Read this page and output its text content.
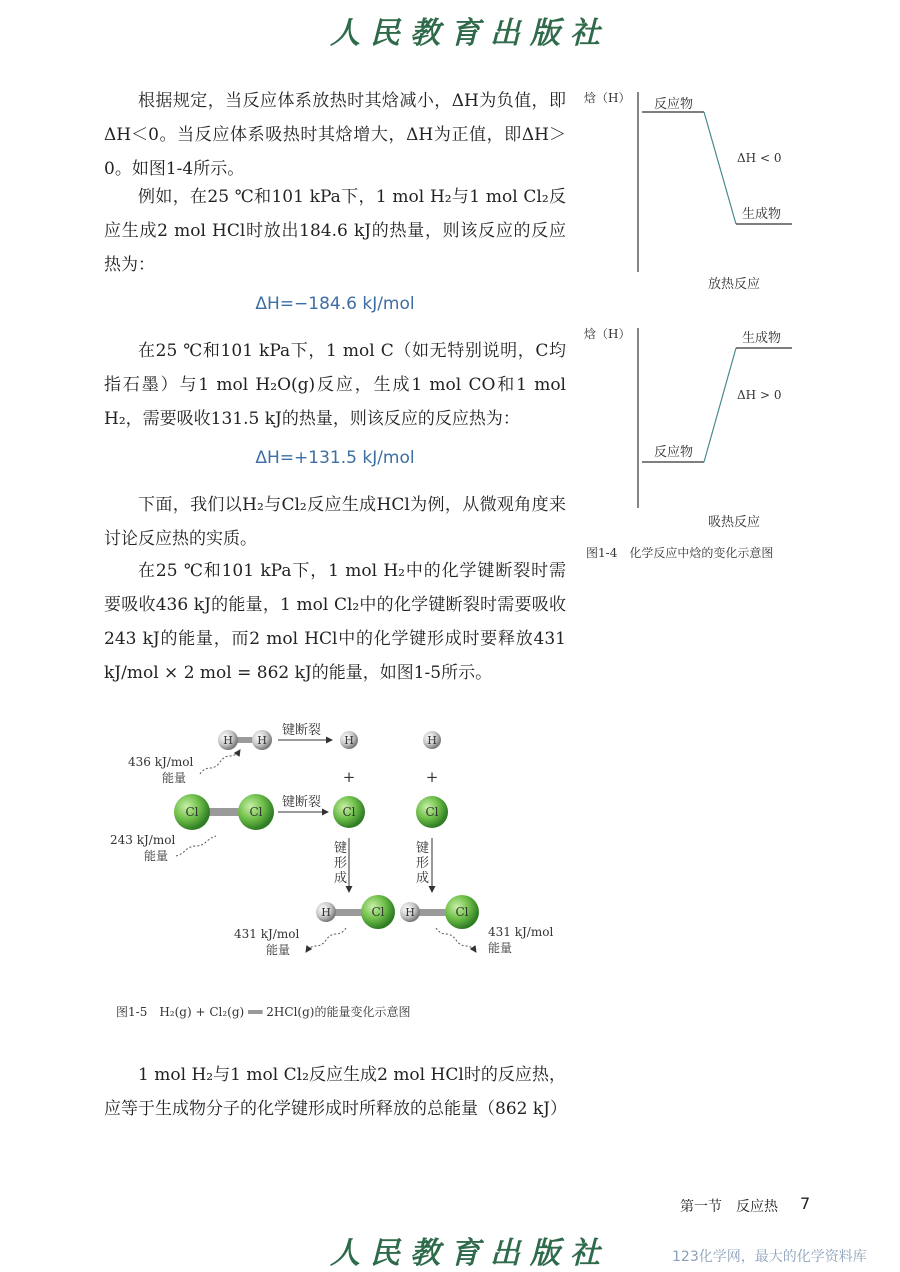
人民教育出版社
根据规定，当反应体系放热时其焓减小，ΔH为负值，即ΔH＜0。当反应体系吸热时其焓增大，ΔH为正值，即ΔH＞0。如图1-4所示。
例如，在25 ℃和101 kPa下，1 mol H₂与1 mol Cl₂反应生成2 mol HCl时放出184.6 kJ的热量，则该反应的反应热为：
ΔH=−184.6 kJ/mol
在25 ℃和101 kPa下，1 mol C（如无特别说明，C均指石墨）与1 mol H₂O(g)反应，生成1 mol CO和1 mol H₂，需要吸收131.5 kJ的热量，则该反应的反应热为：
ΔH=+131.5 kJ/mol
下面，我们以H₂与Cl₂反应生成HCl为例，从微观角度来讨论反应热的实质。
在25 ℃和101 kPa下，1 mol H₂中的化学键断裂时需要吸收436 kJ的能量，1 mol Cl₂中的化学键断裂时需要吸收243 kJ的能量，而2 mol HCl中的化学键形成时要释放431 kJ/mol × 2 mol = 862 kJ的能量，如图1-5所示。
焓（H） 反应物
ΔH < 0
生成物
放热反应
焓（H）	生成物
ΔH > 0
反应物
吸热反应
图1-4　化学反应中焓的变化示意图
H H
键断裂
H	H
436 kJ/mol
能量	+	+
Cl	Cl
键断裂
Cl	Cl
243 kJ/mol
能量	键形成
键形成
H	Cl H	Cl
431 kJ/mol
能量
431 kJ/mol
能量
图1-5　H₂(g) + Cl₂(g) ══ 2HCl(g)的能量变化示意图
1 mol H₂与1 mol Cl₂反应生成2 mol HCl时的反应热，应等于生成物分子的化学键形成时所释放的总能量（862 kJ）
第一节　反应热 7
人民教育出版社	123化学网，最大的化学资料库
